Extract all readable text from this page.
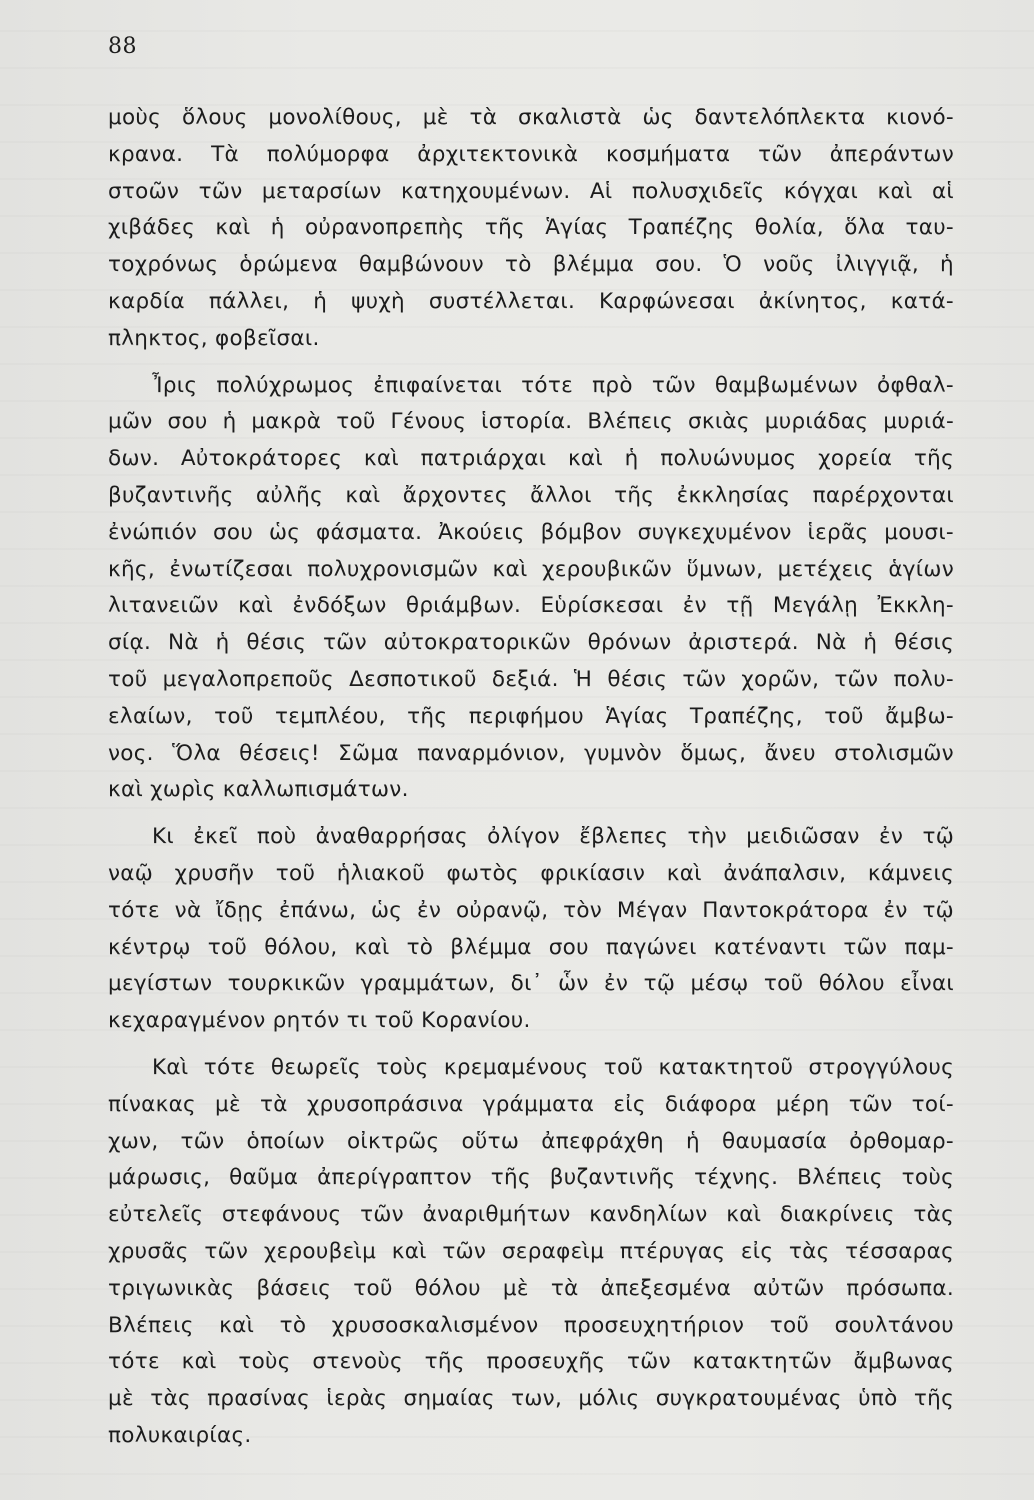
88
μοὺς ὅλους μονολίθους, μὲ τὰ σκαλιστὰ ὡς δαντελόπλεκτα κιονό-
κρανα. Τὰ πολύμορφα ἀρχιτεκτονικὰ κοσμήματα τῶν ἀπεράντων
στοῶν τῶν μεταρσίων κατηχουμένων. Αἱ πολυσχιδεῖς κόγχαι καὶ αἱ
χιβάδες καὶ ἡ οὐρανοπρεπὴς τῆς Ἁγίας Τραπέζης θολία, ὅλα ταυ-
τοχρόνως ὁρώμενα θαμβώνουν τὸ βλέμμα σου. Ὁ νοῦς ἰλιγγιᾷ, ἡ
καρδία πάλλει, ἡ ψυχὴ συστέλλεται. Καρφώνεσαι ἀκίνητος, κατά-
πληκτος, φοβεῖσαι.
Ἶρις πολύχρωμος ἐπιφαίνεται τότε πρὸ τῶν θαμβωμένων ὀφθαλ-
μῶν σου ἡ μακρὰ τοῦ Γένους ἱστορία. Βλέπεις σκιὰς μυριάδας μυριά-
δων. Αὐτοκράτορες καὶ πατριάρχαι καὶ ἡ πολυώνυμος χορεία τῆς
βυζαντινῆς αὐλῆς καὶ ἄρχοντες ἄλλοι τῆς ἐκκλησίας παρέρχονται
ἐνώπιόν σου ὡς φάσματα. Ἀκούεις βόμβον συγκεχυμένον ἱερᾶς μουσι-
κῆς, ἐνωτίζεσαι πολυχρονισμῶν καὶ χερουβικῶν ὕμνων, μετέχεις ἁγίων
λιτανειῶν καὶ ἐνδόξων θριάμβων. Εὑρίσκεσαι ἐν τῇ Μεγάλῃ Ἐκκλη-
σίᾳ. Νὰ ἡ θέσις τῶν αὐτοκρατορικῶν θρόνων ἀριστερά. Νὰ ἡ θέσις
τοῦ μεγαλοπρεποῦς Δεσποτικοῦ δεξιά. Ἡ θέσις τῶν χορῶν, τῶν πολυ-
ελαίων, τοῦ τεμπλέου, τῆς περιφήμου Ἁγίας Τραπέζης, τοῦ ἄμβω-
νος. Ὅλα θέσεις! Σῶμα παναρμόνιον, γυμνὸν ὅμως, ἄνευ στολισμῶν
καὶ χωρὶς καλλωπισμάτων.
Κι ἐκεῖ ποὺ ἀναθαρρήσας ὀλίγον ἔβλεπες τὴν μειδιῶσαν ἐν τῷ
ναῷ χρυσῆν τοῦ ἡλιακοῦ φωτὸς φρικίασιν καὶ ἀνάπαλσιν, κάμνεις
τότε νὰ ἴδῃς ἐπάνω, ὡς ἐν οὐρανῷ, τὸν Μέγαν Παντοκράτορα ἐν τῷ
κέντρῳ τοῦ θόλου, καὶ τὸ βλέμμα σου παγώνει κατέναντι τῶν παμ-
μεγίστων τουρκικῶν γραμμάτων, δι᾽ ὧν ἐν τῷ μέσῳ τοῦ θόλου εἶναι
κεχαραγμένον ρητόν τι τοῦ Κορανίου.
Καὶ τότε θεωρεῖς τοὺς κρεμαμένους τοῦ κατακτητοῦ στρογγύλους
πίνακας μὲ τὰ χρυσοπράσινα γράμματα εἰς διάφορα μέρη τῶν τοί-
χων, τῶν ὁποίων οἰκτρῶς οὕτω ἀπεφράχθη ἡ θαυμασία ὀρθομαρ-
μάρωσις, θαῦμα ἀπερίγραπτον τῆς βυζαντινῆς τέχνης. Βλέπεις τοὺς
εὐτελεῖς στεφάνους τῶν ἀναριθμήτων κανδηλίων καὶ διακρίνεις τὰς
χρυσᾶς τῶν χερουβεὶμ καὶ τῶν σεραφεὶμ πτέρυγας εἰς τὰς τέσσαρας
τριγωνικὰς βάσεις τοῦ θόλου μὲ τὰ ἀπεξεσμένα αὐτῶν πρόσωπα.
Βλέπεις καὶ τὸ χρυσοσκαλισμένον προσευχητήριον τοῦ σουλτάνου
τότε καὶ τοὺς στενοὺς τῆς προσευχῆς τῶν κατακτητῶν ἄμβωνας
μὲ τὰς πρασίνας ἱερὰς σημαίας των, μόλις συγκρατουμένας ὑπὸ τῆς
πολυκαιρίας.
